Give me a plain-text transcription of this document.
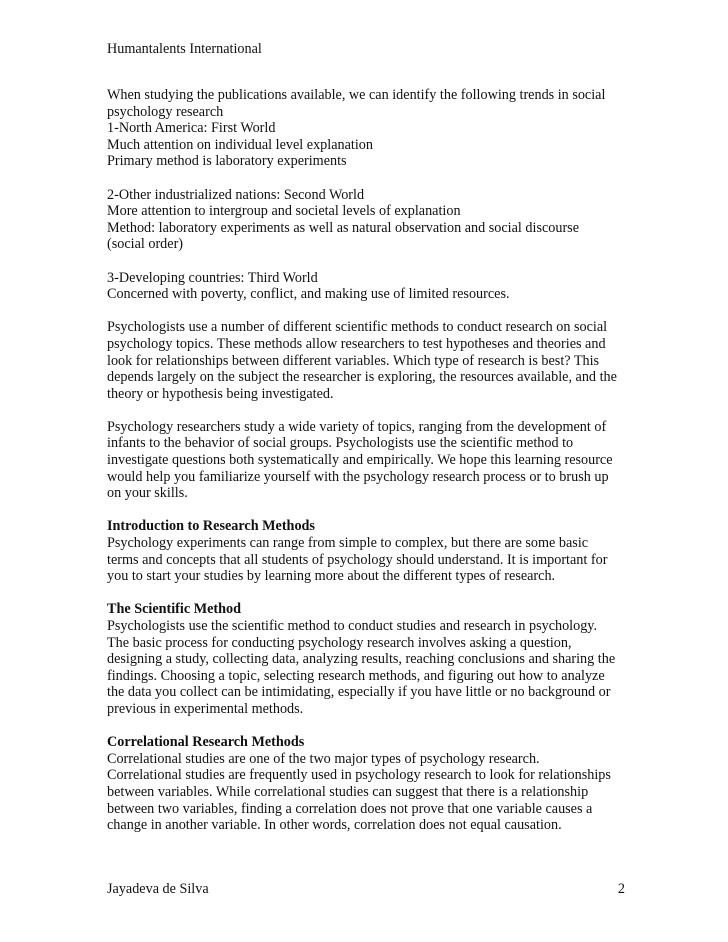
Humantalents International
When studying the publications available, we can identify the following trends in social
psychology research
1-North America: First World
Much attention on individual level explanation
Primary method is laboratory experiments
2-Other industrialized nations: Second World
More attention to intergroup and societal levels of explanation
Method: laboratory experiments as well as natural observation and social discourse
(social order)
3-Developing countries: Third World
Concerned with poverty, conflict, and making use of limited resources.
Psychologists use a number of different scientific methods to conduct research on social
psychology topics. These methods allow researchers to test hypotheses and theories and
look for relationships between different variables. Which type of research is best? This
depends largely on the subject the researcher is exploring, the resources available, and the
theory or hypothesis being investigated.
Psychology researchers study a wide variety of topics, ranging from the development of
infants to the behavior of social groups. Psychologists use the scientific method to
investigate questions both systematically and empirically. We hope this learning resource
would help you familiarize yourself with the psychology research process or to brush up
on your skills.
Introduction to Research Methods
Psychology experiments can range from simple to complex, but there are some basic
terms and concepts that all students of psychology should understand. It is important for
you to start your studies by learning more about the different types of research.
The Scientific Method
Psychologists use the scientific method to conduct studies and research in psychology.
The basic process for conducting psychology research involves asking a question,
designing a study, collecting data, analyzing results, reaching conclusions and sharing the
findings. Choosing a topic, selecting research methods, and figuring out how to analyze
the data you collect can be intimidating, especially if you have little or no background or
previous in experimental methods.
Correlational Research Methods
Correlational studies are one of the two major types of psychology research.
Correlational studies are frequently used in psychology research to look for relationships
between variables. While correlational studies can suggest that there is a relationship
between two variables, finding a correlation does not prove that one variable causes a
change in another variable. In other words, correlation does not equal causation.
Jayadeva de Silva	2
